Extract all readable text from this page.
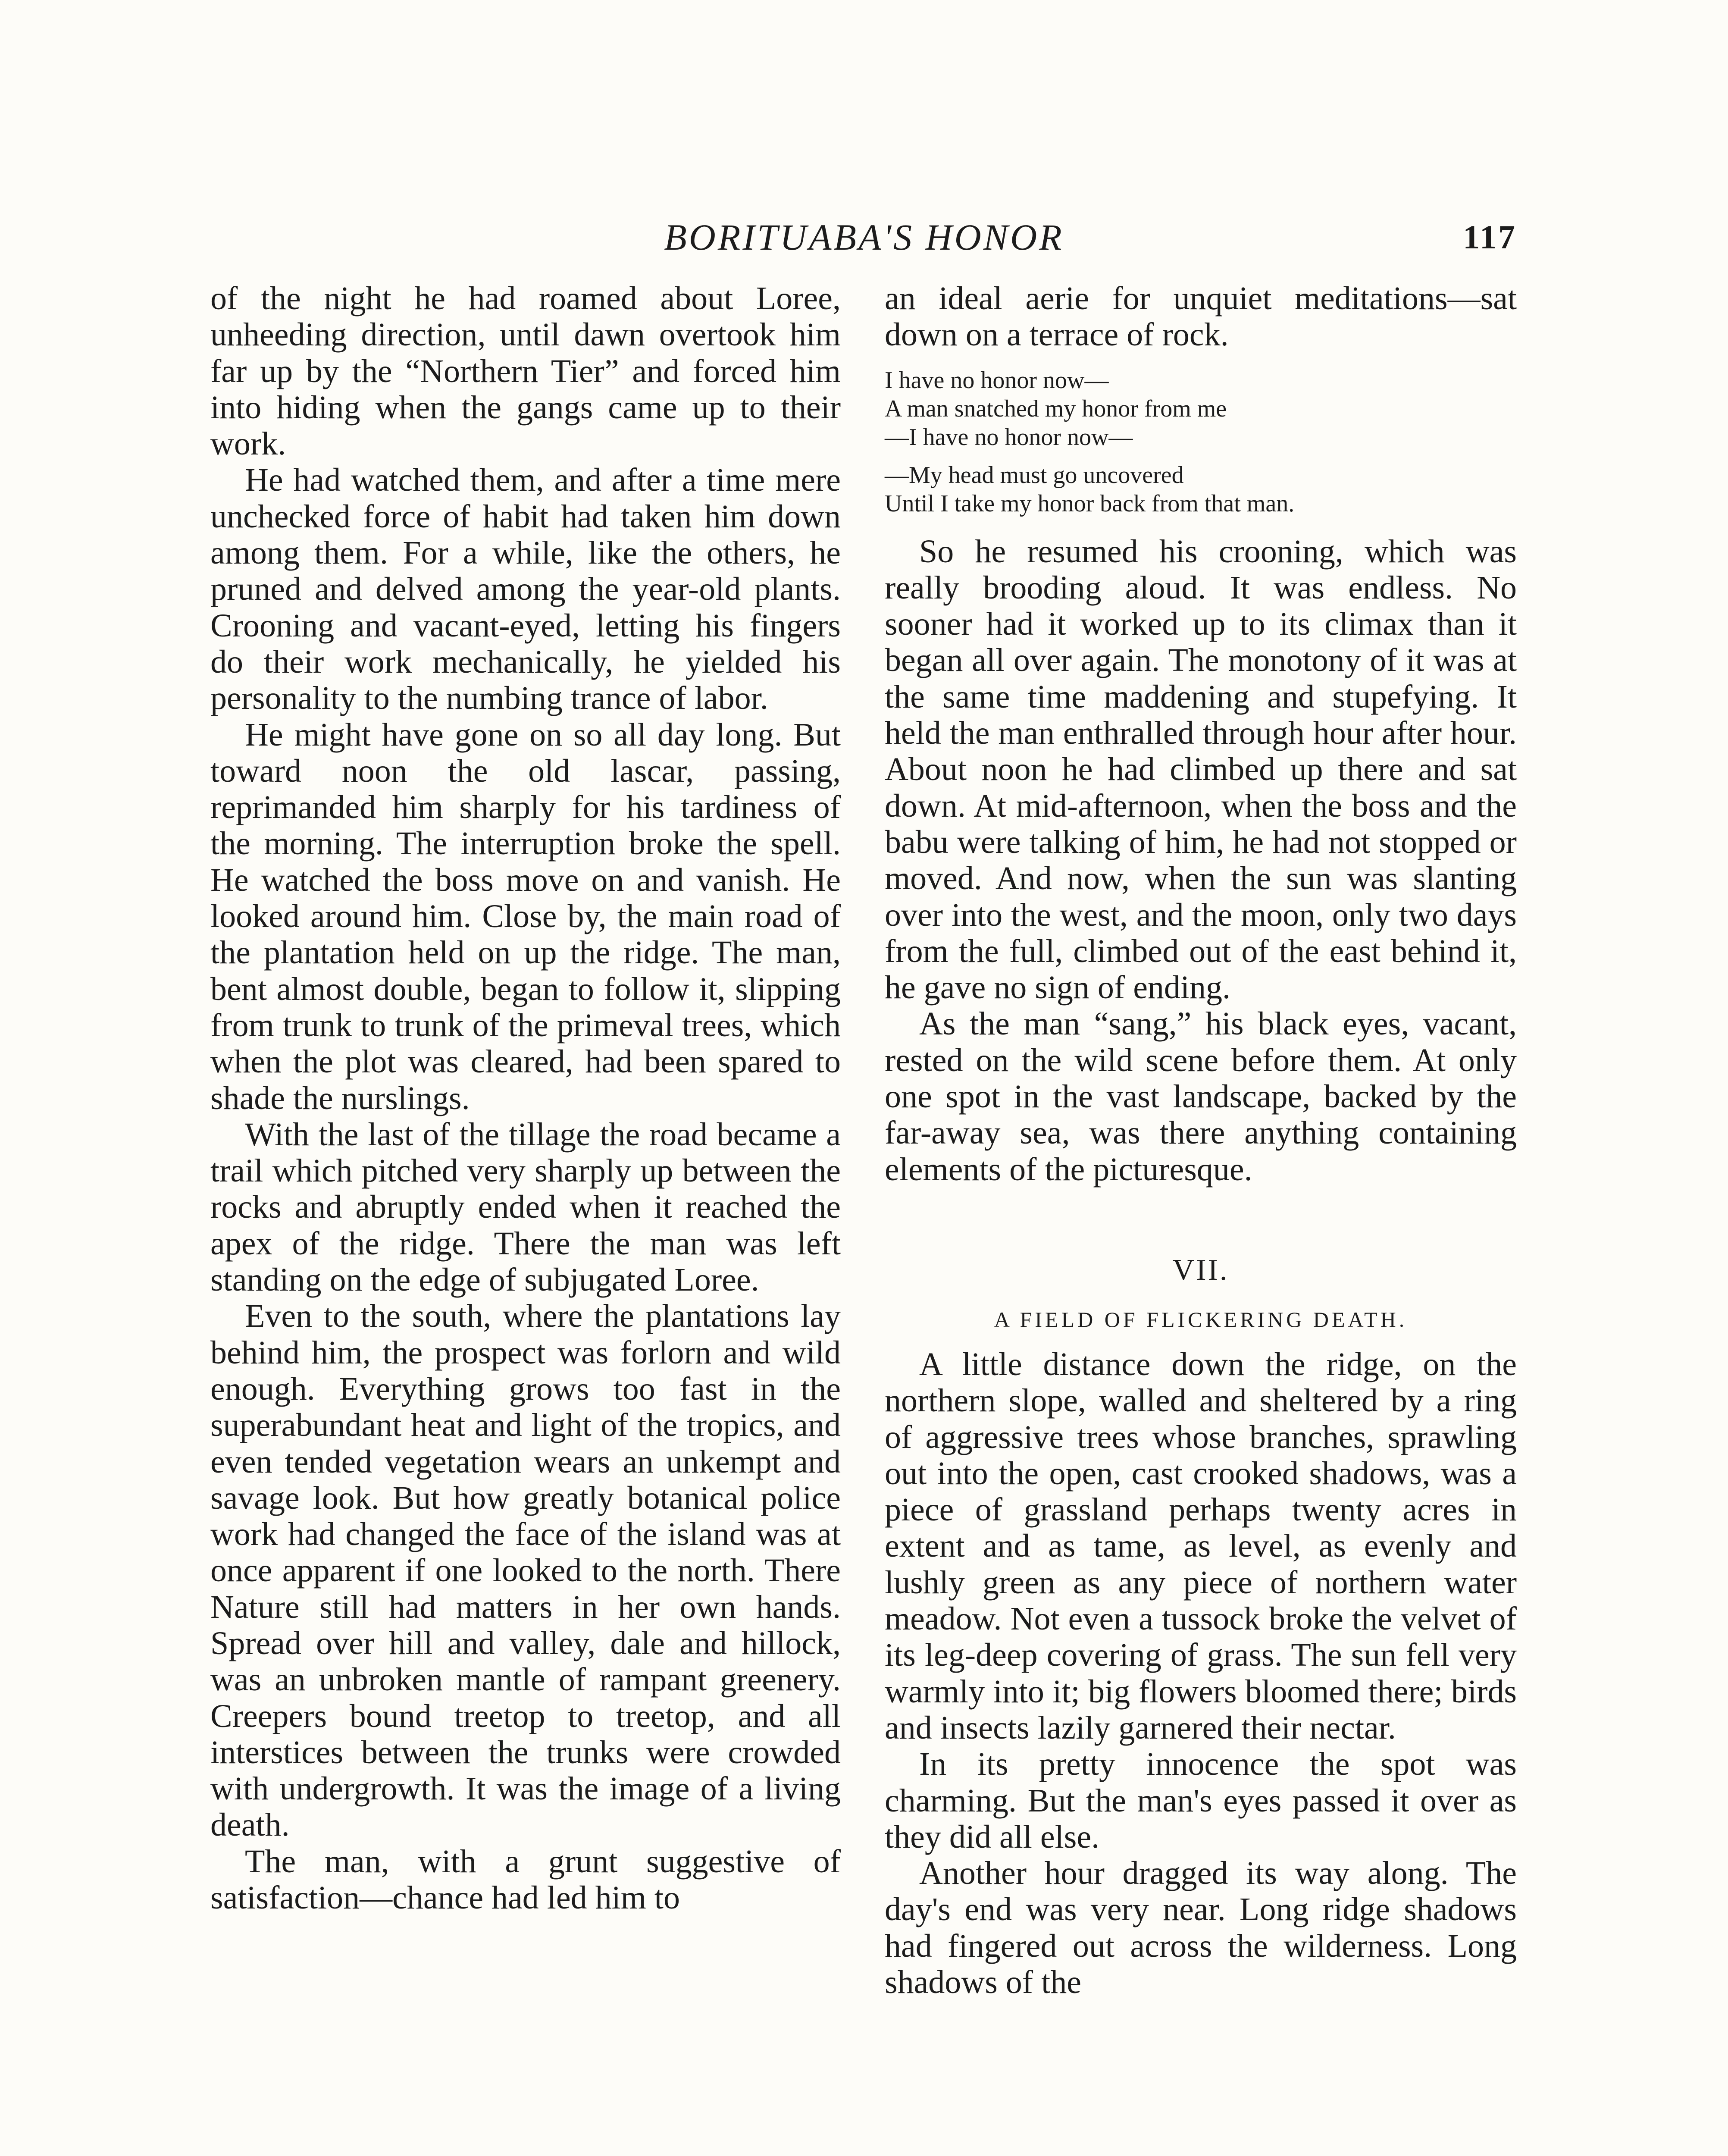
BORITUABA'S HONOR	117

of the night he had roamed about Loree, unheeding direction, until dawn overtook him far up by the “Northern Tier” and forced him into hiding when the gangs came up to their work.

He had watched them, and after a time mere unchecked force of habit had taken him down among them. For a while, like the others, he pruned and delved among the year-old plants. Crooning and vacant-eyed, letting his fingers do their work mechanically, he yielded his personality to the numbing trance of labor.

He might have gone on so all day long. But toward noon the old lascar, passing, reprimanded him sharply for his tardiness of the morning. The interruption broke the spell. He watched the boss move on and vanish. He looked around him. Close by, the main road of the plantation held on up the ridge. The man, bent almost double, began to follow it, slipping from trunk to trunk of the primeval trees, which when the plot was cleared, had been spared to shade the nurslings.

With the last of the tillage the road became a trail which pitched very sharply up between the rocks and abruptly ended when it reached the apex of the ridge. There the man was left standing on the edge of subjugated Loree.

Even to the south, where the plantations lay behind him, the prospect was forlorn and wild enough. Everything grows too fast in the superabundant heat and light of the tropics, and even tended vegetation wears an unkempt and savage look. But how greatly botanical police work had changed the face of the island was at once apparent if one looked to the north. There Nature still had matters in her own hands. Spread over hill and valley, dale and hillock, was an unbroken mantle of rampant greenery. Creepers bound treetop to treetop, and all interstices between the trunks were crowded with undergrowth. It was the image of a living death.

The man, with a grunt suggestive of satisfaction—chance had led him to

an ideal aerie for unquiet meditations—sat down on a terrace of rock.

I have no honor now—
A man snatched my honor from me
—I have no honor now—
—My head must go uncovered
Until I take my honor back from that man.

So he resumed his crooning, which was really brooding aloud. It was endless. No sooner had it worked up to its climax than it began all over again. The monotony of it was at the same time maddening and stupefying. It held the man enthralled through hour after hour. About noon he had climbed up there and sat down. At mid-afternoon, when the boss and the babu were talking of him, he had not stopped or moved. And now, when the sun was slanting over into the west, and the moon, only two days from the full, climbed out of the east behind it, he gave no sign of ending.

As the man “sang,” his black eyes, vacant, rested on the wild scene before them. At only one spot in the vast landscape, backed by the far-away sea, was there anything containing elements of the picturesque.

VII.
A FIELD OF FLICKERING DEATH.

A little distance down the ridge, on the northern slope, walled and sheltered by a ring of aggressive trees whose branches, sprawling out into the open, cast crooked shadows, was a piece of grassland perhaps twenty acres in extent and as tame, as level, as evenly and lushly green as any piece of northern water meadow. Not even a tussock broke the velvet of its leg-deep covering of grass. The sun fell very warmly into it; big flowers bloomed there; birds and insects lazily garnered their nectar.

In its pretty innocence the spot was charming. But the man's eyes passed it over as they did all else.

Another hour dragged its way along. The day's end was very near. Long ridge shadows had fingered out across the wilderness. Long shadows of the
